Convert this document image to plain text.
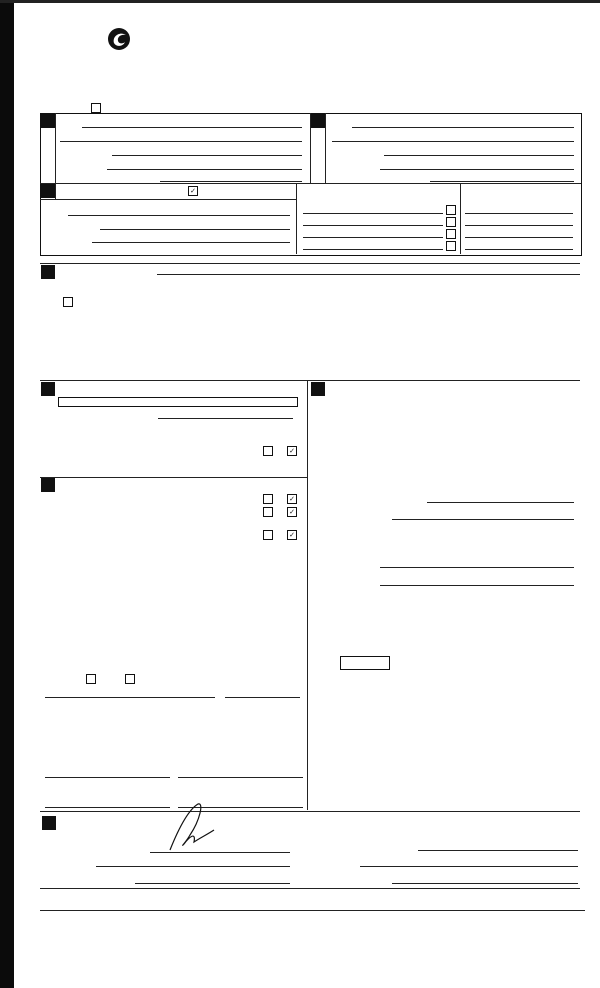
✓

✓
✓
✓
✓
